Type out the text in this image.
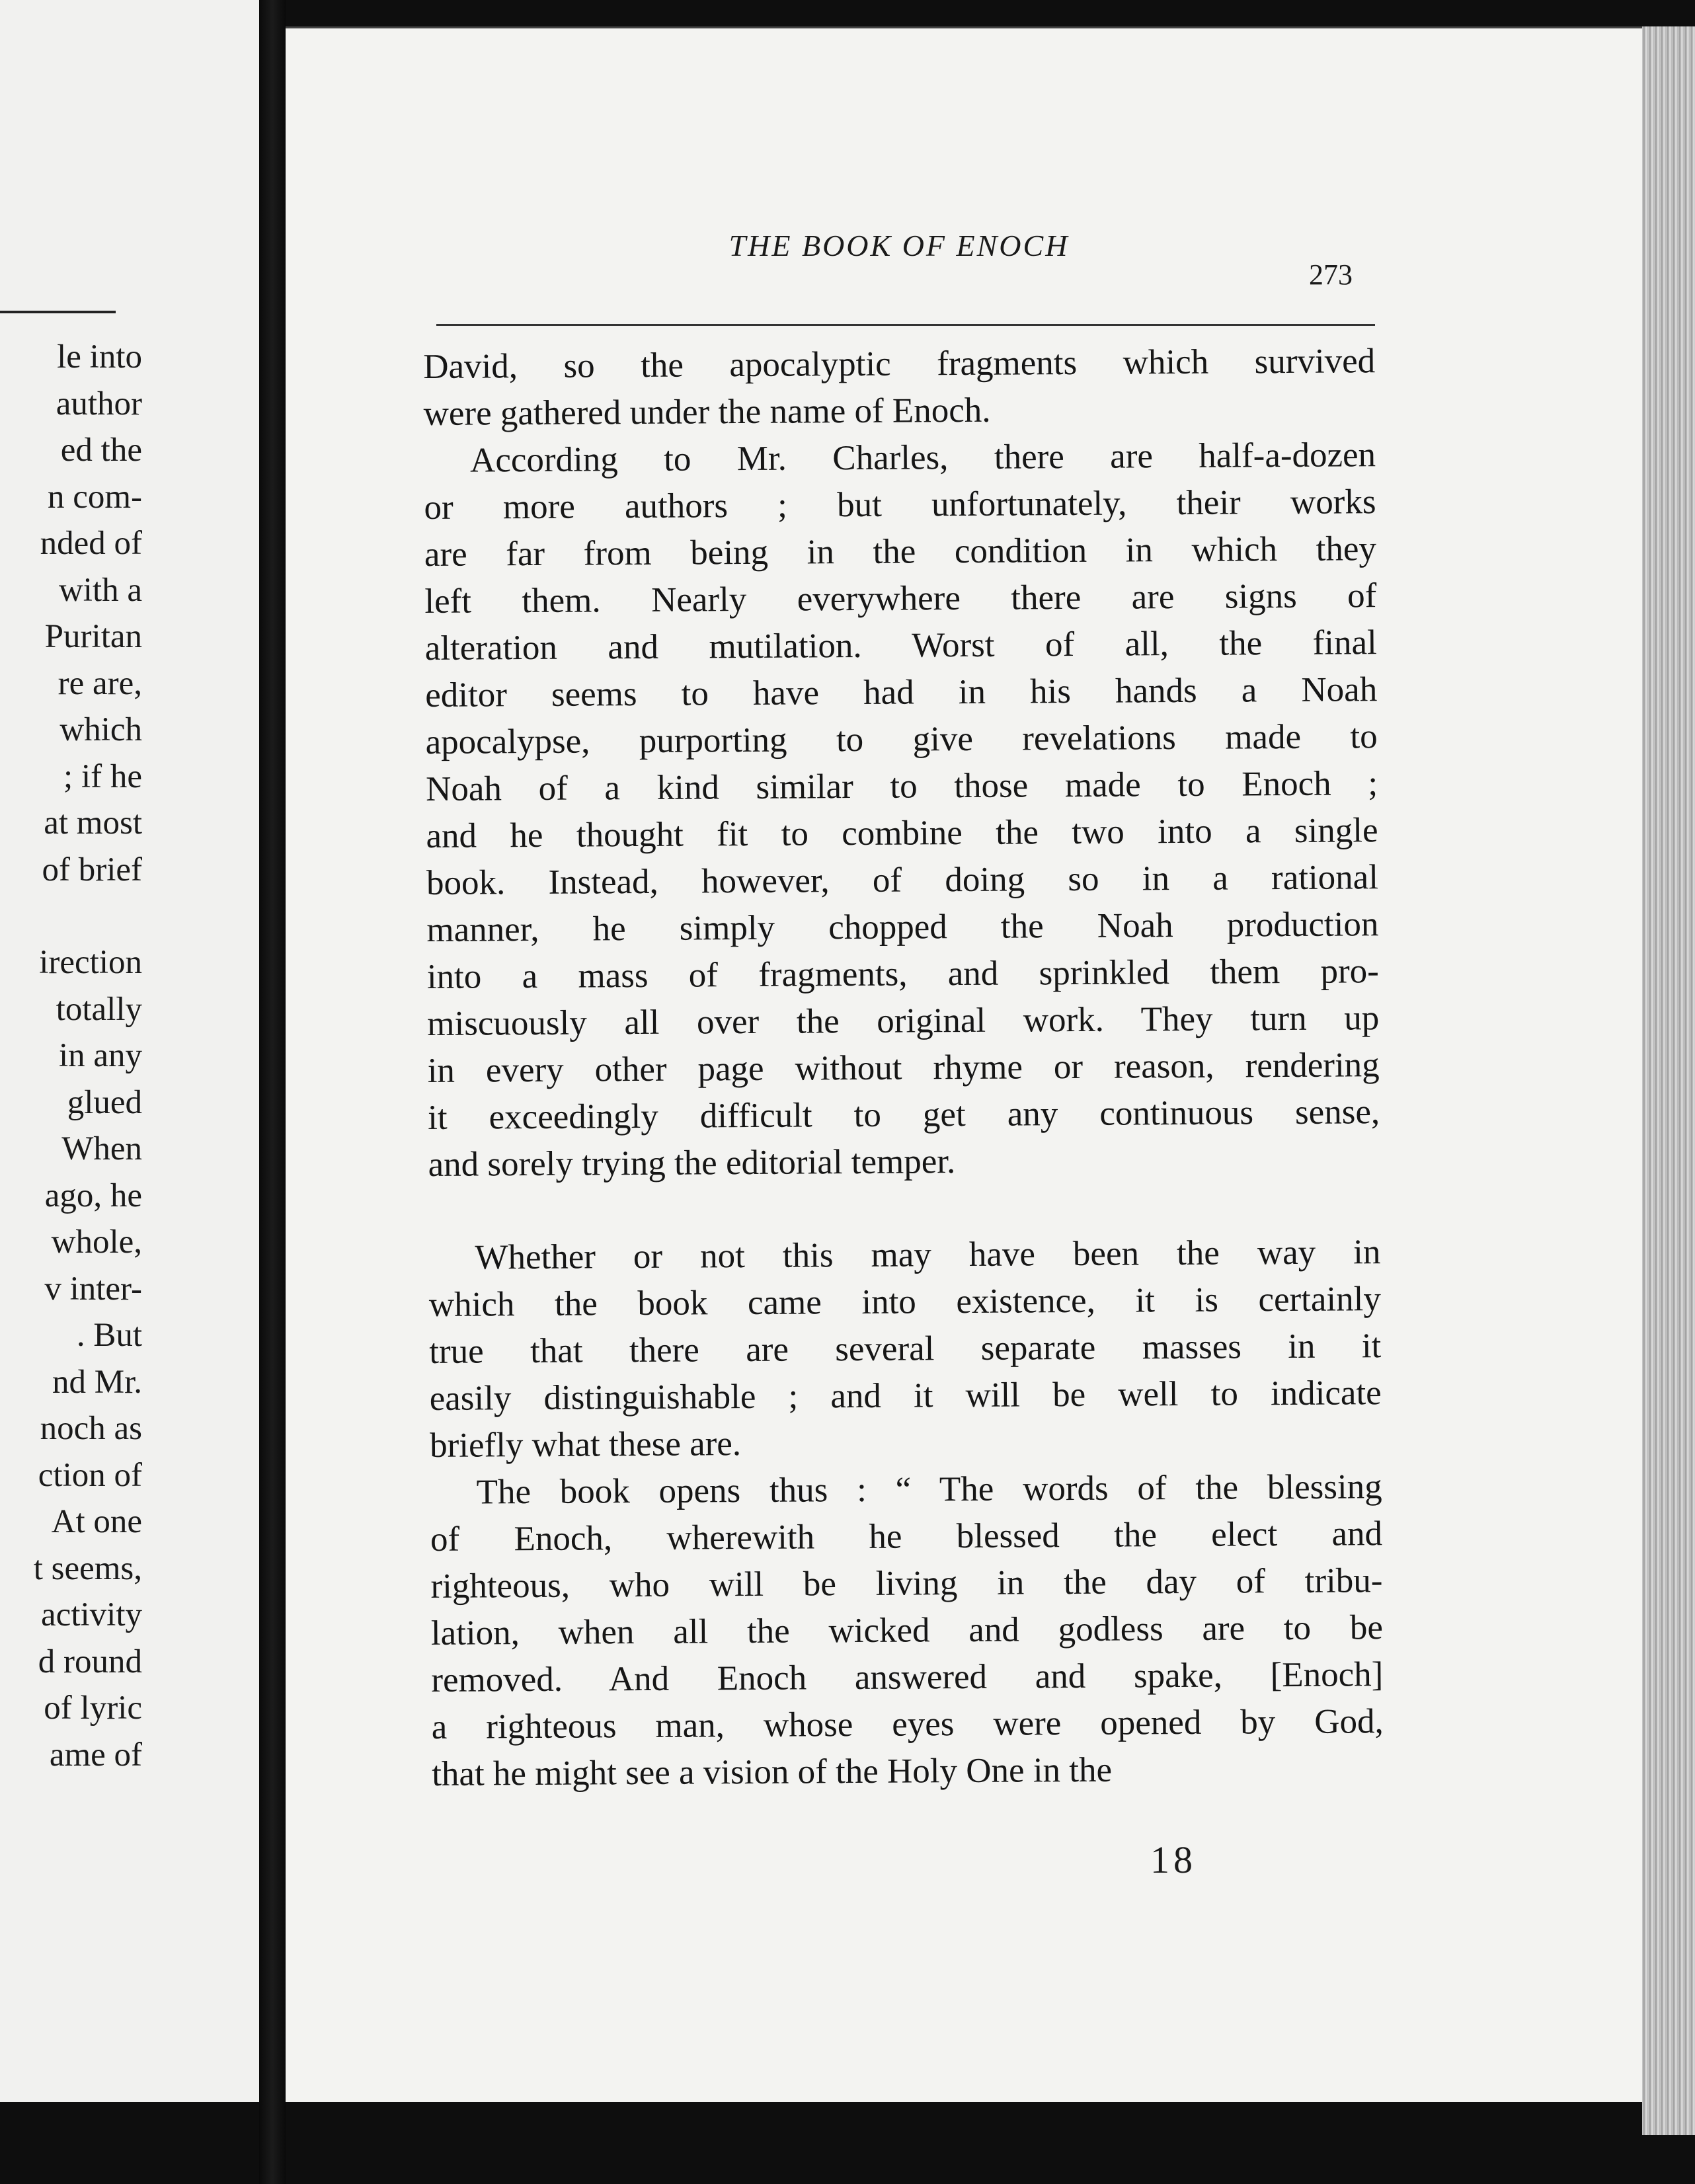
le into
author
ed the
n com-
nded of
with a
Puritan
re are,
which
; if he
at most
of brief
irection
totally
in any
glued
When
ago, he
whole,
v inter-
. But
nd Mr.
noch as
ction of
At one
t seems,
activity
d round
of lyric
ame of
THE BOOK OF ENOCH
273
David, so the apocalyptic fragments which survived
were gathered under the name of Enoch.
According to Mr. Charles, there are half-a-dozen
or more authors ; but unfortunately, their works
are far from being in the condition in which they
left them. Nearly everywhere there are signs of
alteration and mutilation. Worst of all, the final
editor seems to have had in his hands a Noah
apocalypse, purporting to give revelations made to
Noah of a kind similar to those made to Enoch ;
and he thought fit to combine the two into a single
book. Instead, however, of doing so in a rational
manner, he simply chopped the Noah production
into a mass of fragments, and sprinkled them pro-
miscuously all over the original work. They turn up
in every other page without rhyme or reason, rendering
it exceedingly difficult to get any continuous sense,
and sorely trying the editorial temper.
Whether or not this may have been the way in
which the book came into existence, it is certainly
true that there are several separate masses in it
easily distinguishable ; and it will be well to indicate
briefly what these are.
The book opens thus : “ The words of the blessing
of Enoch, wherewith he blessed the elect and
righteous, who will be living in the day of tribu-
lation, when all the wicked and godless are to be
removed. And Enoch answered and spake, [Enoch]
a righteous man, whose eyes were opened by God,
that he might see a vision of the Holy One in the
18
